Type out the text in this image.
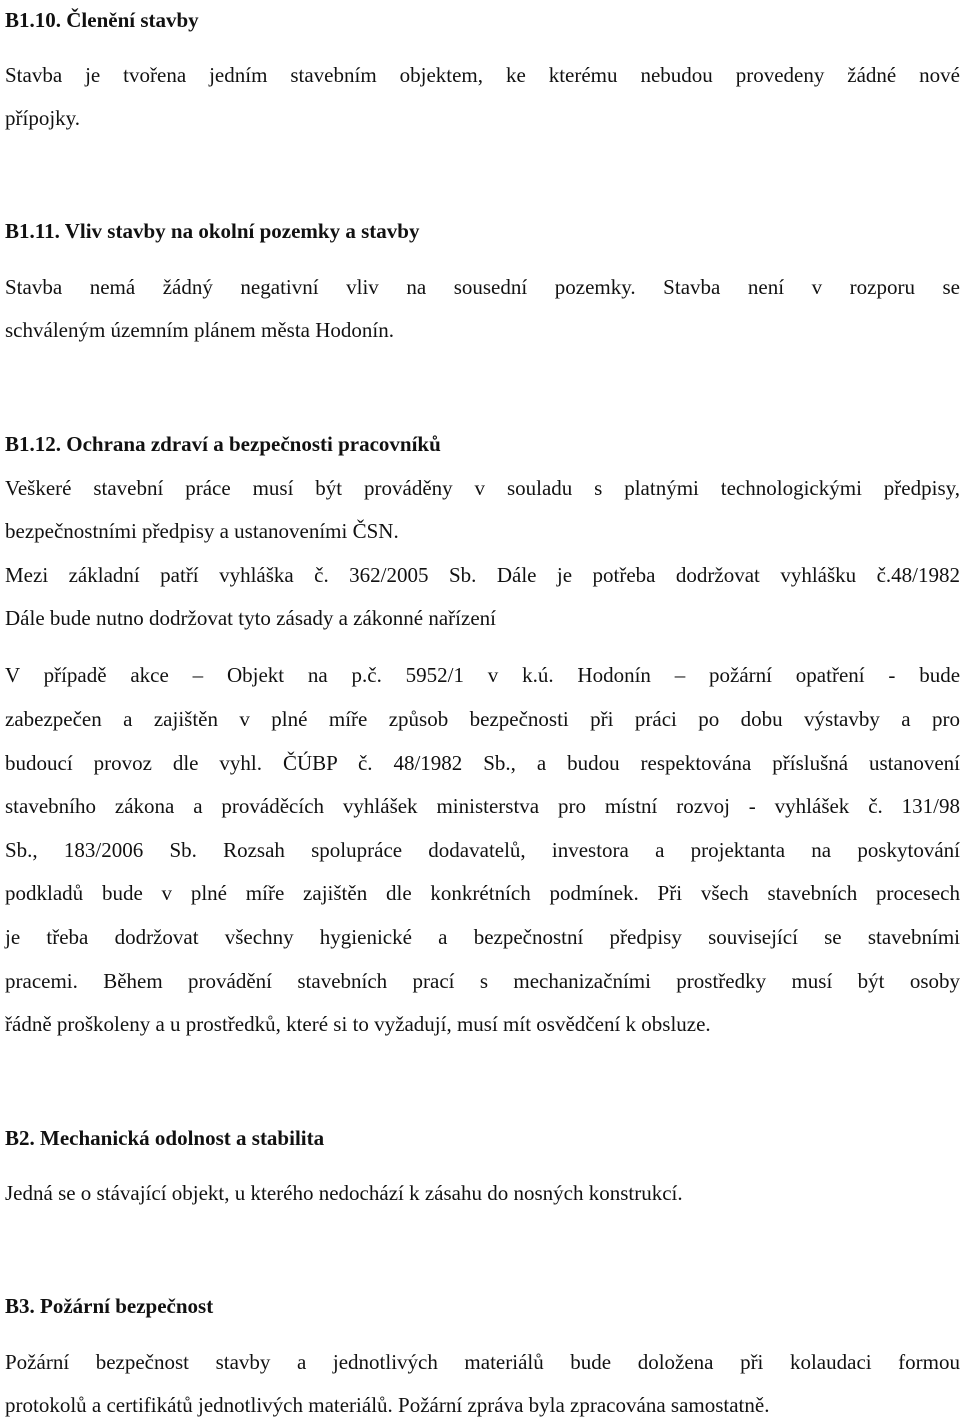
B1.10. Členění stavby
Stavba je tvořena jedním stavebním objektem, ke kterému nebudou provedeny žádné nové
přípojky.
B1.11. Vliv stavby na okolní pozemky a stavby
Stavba nemá žádný negativní vliv na sousední pozemky. Stavba není v rozporu se
schváleným územním plánem města Hodonín.
B1.12. Ochrana zdraví a bezpečnosti pracovníků
Veškeré stavební práce musí být prováděny v souladu s platnými technologickými předpisy,
bezpečnostními předpisy a ustanoveními ČSN.
Mezi základní patří vyhláška č. 362/2005 Sb. Dále je potřeba dodržovat vyhlášku č.48/1982
Dále bude nutno dodržovat tyto zásady a zákonné nařízení
V případě akce – Objekt na p.č. 5952/1 v k.ú. Hodonín – požární opatření - bude
zabezpečen a zajištěn v plné míře způsob bezpečnosti při práci po dobu výstavby a pro
budoucí provoz dle vyhl. ČÚBP č. 48/1982 Sb., a budou respektována příslušná ustanovení
stavebního zákona a prováděcích vyhlášek ministerstva pro místní rozvoj - vyhlášek č. 131/98
Sb., 183/2006 Sb. Rozsah spolupráce dodavatelů, investora a projektanta na poskytování
podkladů bude v plné míře zajištěn dle konkrétních podmínek. Při všech stavebních procesech
je třeba dodržovat všechny hygienické a bezpečnostní předpisy související se stavebními
pracemi. Během provádění stavebních prací s mechanizačními prostředky musí být osoby
řádně proškoleny a u prostředků, které si to vyžadují, musí mít osvědčení k obsluze.
B2. Mechanická odolnost a stabilita
Jedná se o stávající objekt, u kterého nedochází k zásahu do nosných konstrukcí.
B3. Požární bezpečnost
Požární bezpečnost stavby a jednotlivých materiálů bude doložena při kolaudaci formou
protokolů a certifikátů jednotlivých materiálů. Požární zpráva byla zpracována samostatně.
